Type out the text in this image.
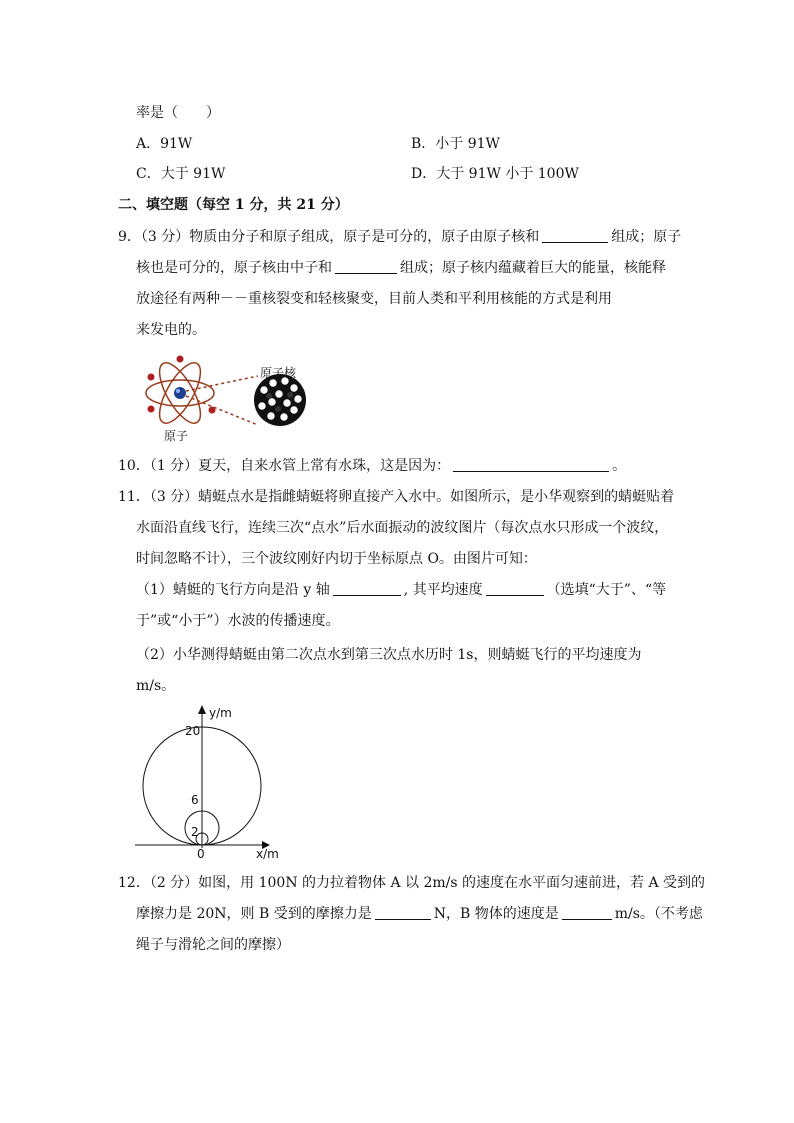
率是（　　）
A．91W	B．小于 91W
C．大于 91W	D．大于 91W 小于 100W
二、填空题（每空 1 分，共 21 分）
9．（3 分）物质由分子和原子组成，原子是可分的，原子由原子核和	组成；原子
核也是可分的，原子核由中子和	组成；原子核内蕴藏着巨大的能量，核能释
放途径有两种－－重核裂变和轻核聚变，目前人类和平利用核能的方式是利用
来发电的。
原子核
原子
10．（1 分）夏天，自来水管上常有水珠，这是因为：	。
11．（3 分）蜻蜓点水是指雌蜻蜓将卵直接产入水中。如图所示，是小华观察到的蜻蜓贴着
水面沿直线飞行，连续三次“点水”后水面振动的波纹图片（每次点水只形成一个波纹，
时间忽略不计），三个波纹刚好内切于坐标原点 O。由图片可知：
（1）蜻蜓的飞行方向是沿 y 轴	, 其平均速度	（选填“大于”、“等
于”或“小于”）水波的传播速度。
（2）小华测得蜻蜓由第二次点水到第三次点水历时 1s，则蜻蜓飞行的平均速度为
m/s。
y/m
x/m
20
6
2
0
12．（2 分）如图，用 100N 的力拉着物体 A 以 2m/s 的速度在水平面匀速前进，若 A 受到的
摩擦力是 20N，则 B 受到的摩擦力是	N，B 物体的速度是	m/s。（不考虑
绳子与滑轮之间的摩擦）
